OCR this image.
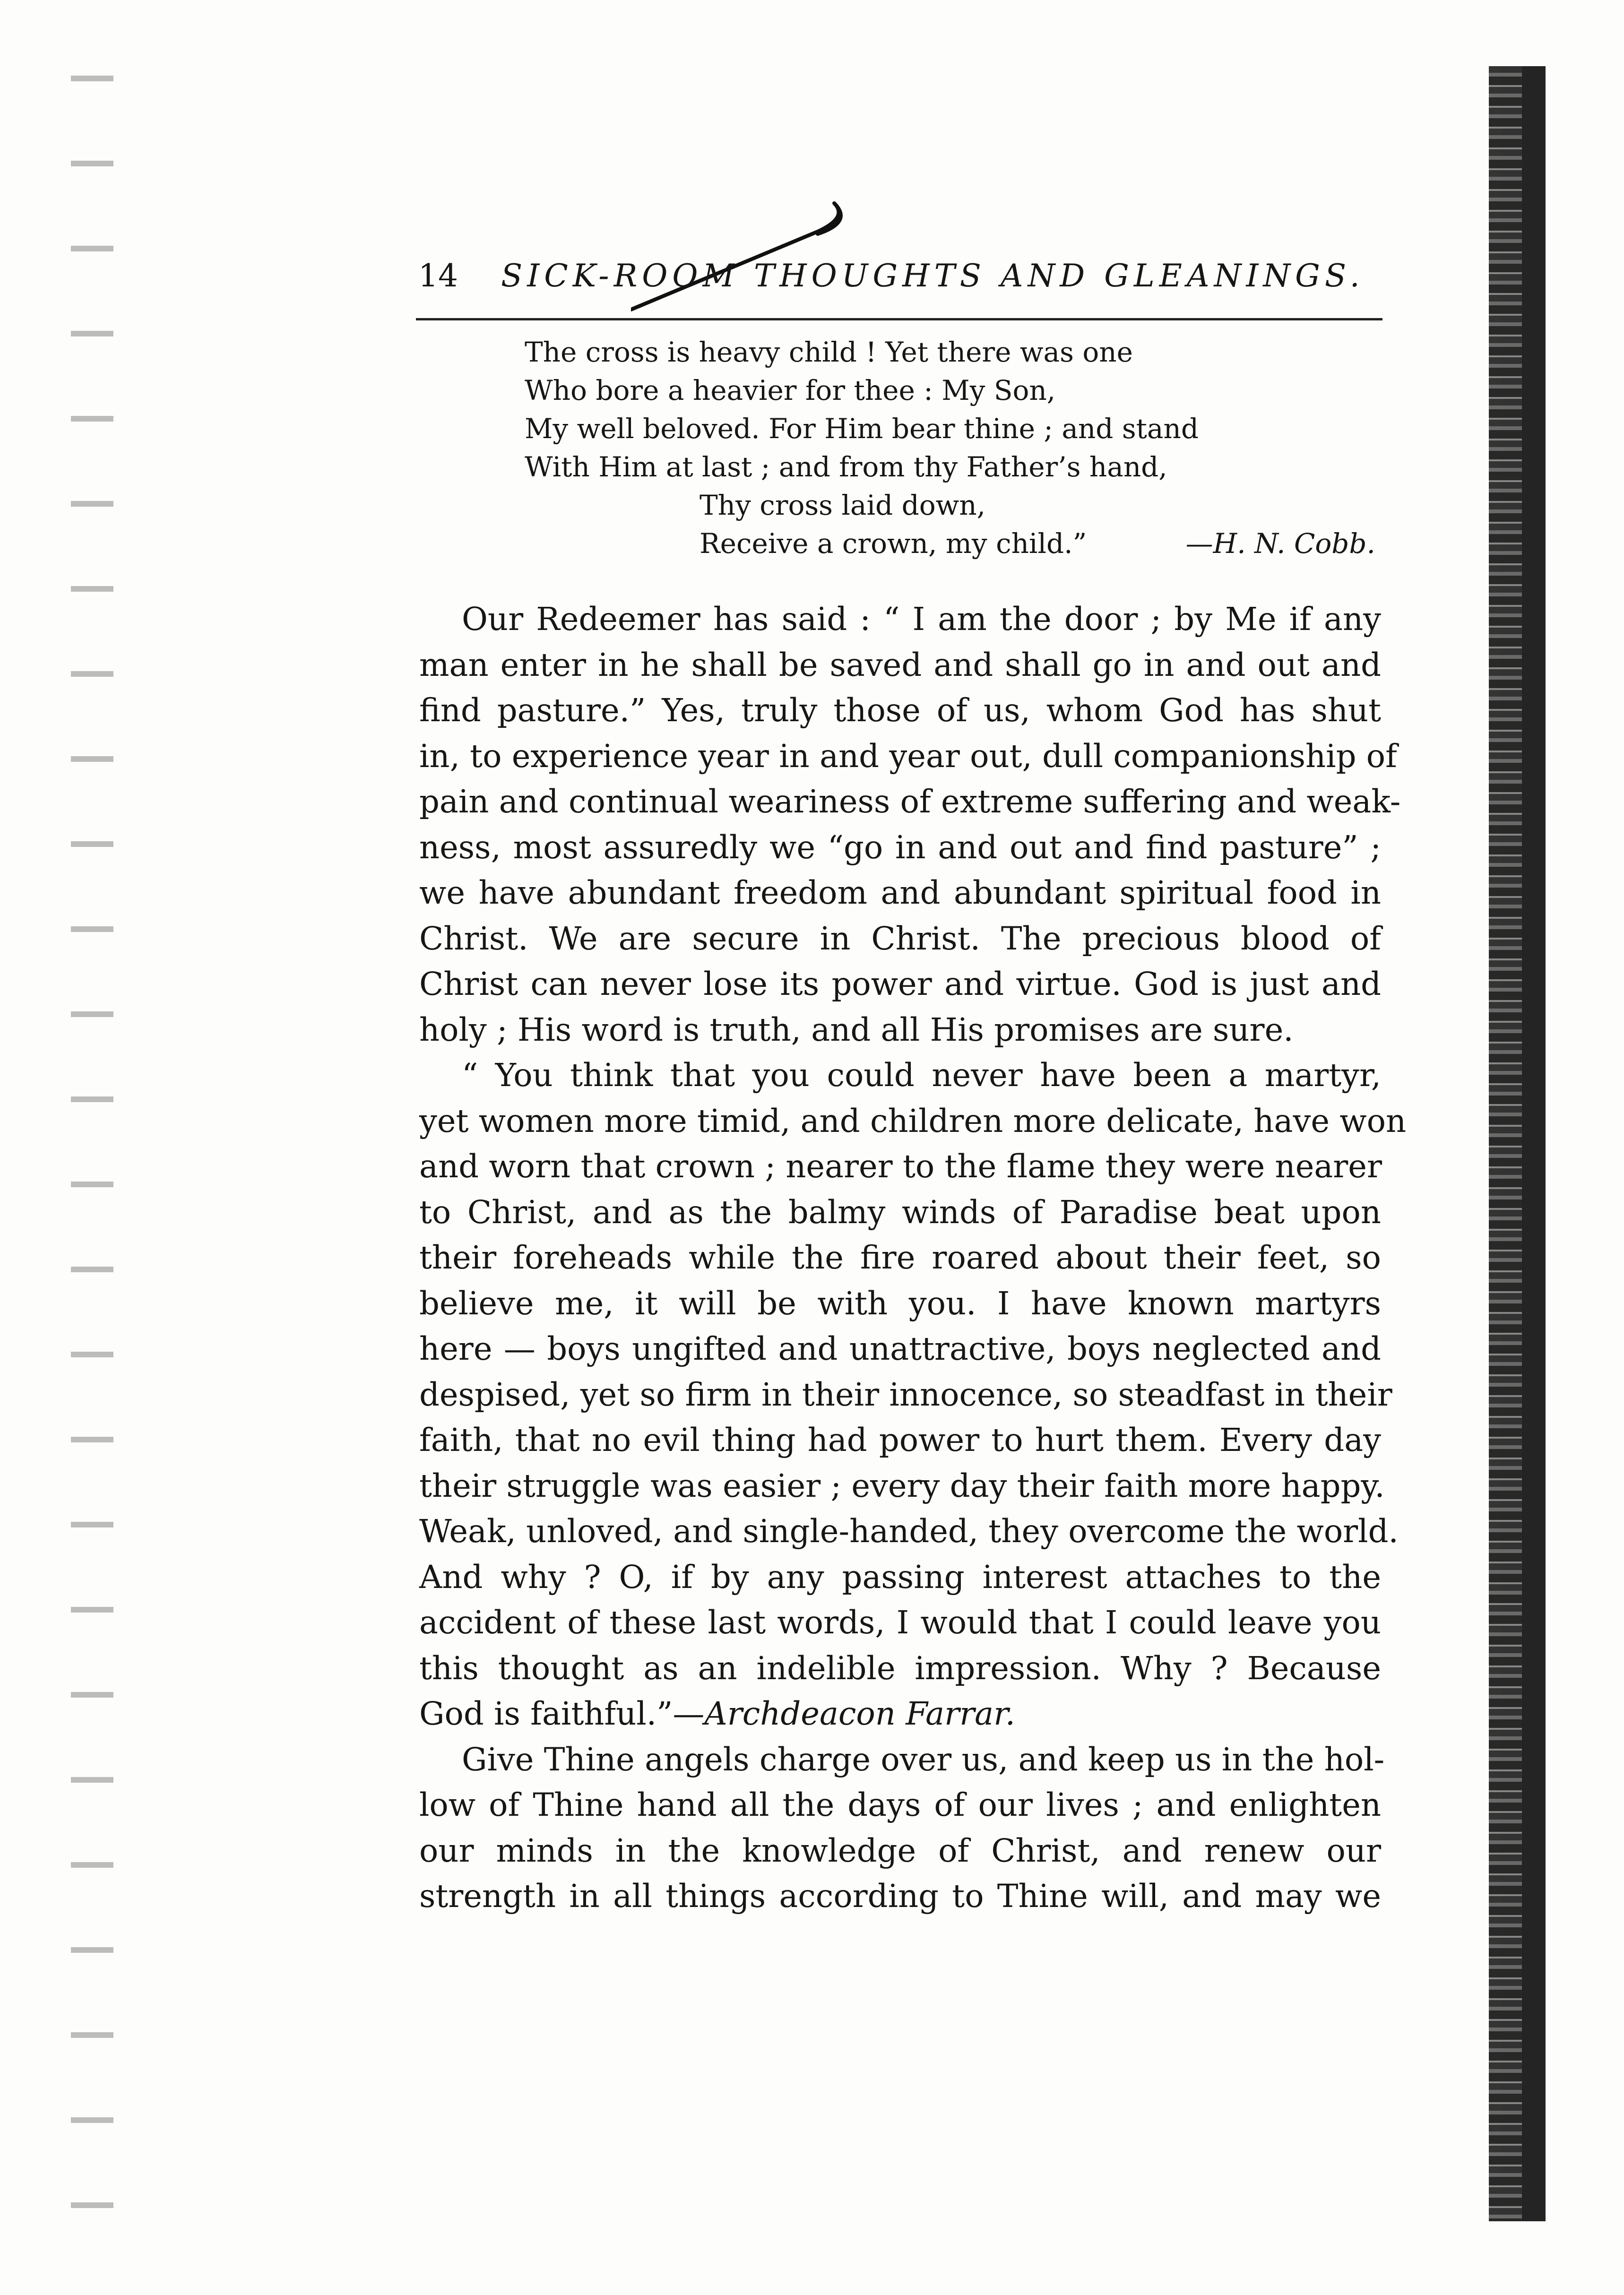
14 SICK-ROOM THOUGHTS AND GLEANINGS.
The cross is heavy child ! Yet there was one
Who bore a heavier for thee : My Son,
My well beloved. For Him bear thine ; and stand
With Him at last ; and from thy Father’s hand,
Thy cross laid down,
Receive a crown, my child.”	—H. N. Cobb.
Our Redeemer has said : “ I am the door ; by Me if any
man enter in he shall be saved and shall go in and out and
find pasture.” Yes, truly those of us, whom God has shut
in, to experience year in and year out, dull companionship of
pain and continual weariness of extreme suffering and weak-
ness, most assuredly we “go in and out and find pasture” ;
we have abundant freedom and abundant spiritual food in
Christ. We are secure in Christ. The precious blood of
Christ can never lose its power and virtue. God is just and
holy ; His word is truth, and all His promises are sure.
“ You think that you could never have been a martyr,
yet women more timid, and children more delicate, have won
and worn that crown ; nearer to the flame they were nearer
to Christ, and as the balmy winds of Paradise beat upon
their foreheads while the fire roared about their feet, so
believe me, it will be with you. I have known martyrs
here — boys ungifted and unattractive, boys neglected and
despised, yet so firm in their innocence, so steadfast in their
faith, that no evil thing had power to hurt them. Every day
their struggle was easier ; every day their faith more happy.
Weak, unloved, and single-handed, they overcome the world.
And why ? O, if by any passing interest attaches to the
accident of these last words, I would that I could leave you
this thought as an indelible impression. Why ? Because
God is faithful.”—Archdeacon Farrar.
Give Thine angels charge over us, and keep us in the hol-
low of Thine hand all the days of our lives ; and enlighten
our minds in the knowledge of Christ, and renew our
strength in all things according to Thine will, and may we
